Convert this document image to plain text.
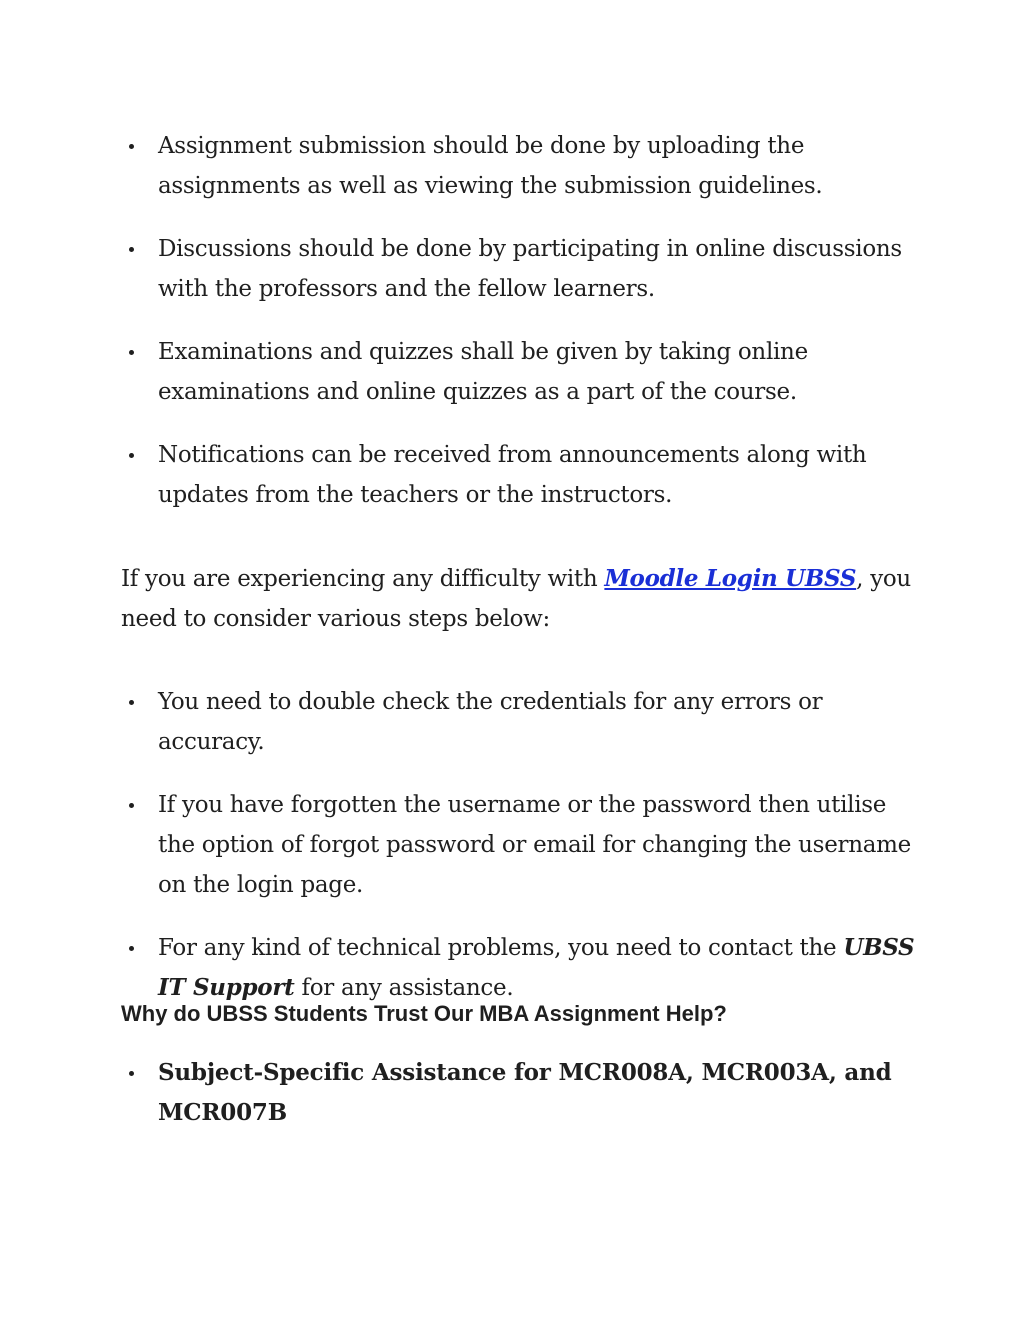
Assignment submission should be done by uploading the assignments as well as viewing the submission guidelines.
Discussions should be done by participating in online discussions with the professors and the fellow learners.
Examinations and quizzes shall be given by taking online examinations and online quizzes as a part of the course.
Notifications can be received from announcements along with updates from the teachers or the instructors.

If you are experiencing any difficulty with Moodle Login UBSS, you need to consider various steps below:

You need to double check the credentials for any errors or accuracy.
If you have forgotten the username or the password then utilise the option of forgot password or email for changing the username on the login page.
For any kind of technical problems, you need to contact the UBSS IT Support for any assistance.
Why do UBSS Students Trust Our MBA Assignment Help?
Subject-Specific Assistance for MCR008A, MCR003A, and MCR007B
